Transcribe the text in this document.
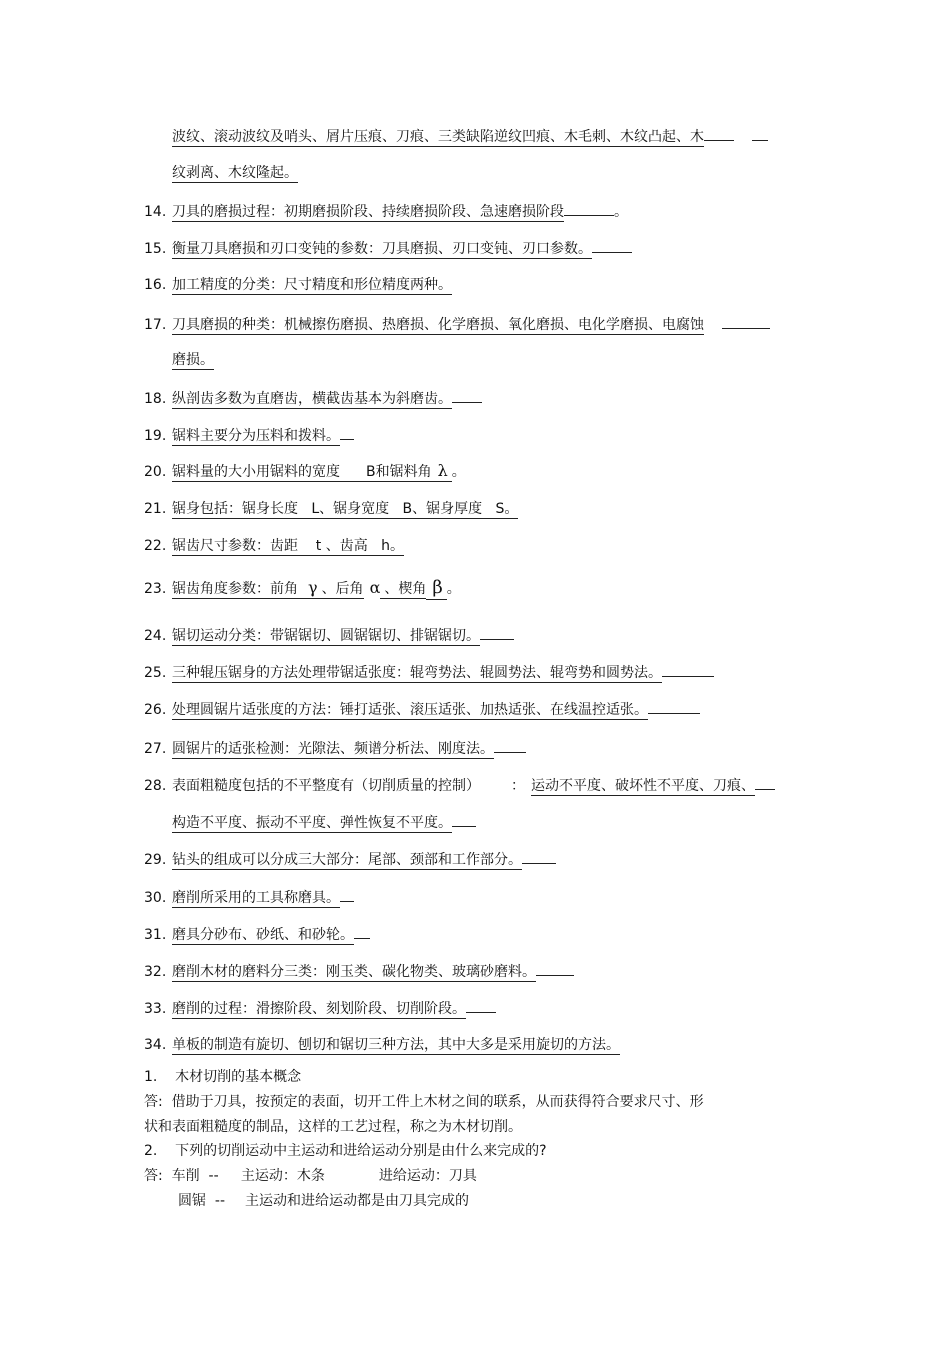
波纹、滚动波纹及哨头、屑片压痕、刀痕、三类缺陷逆纹凹痕、木毛刺、木纹凸起、木
纹剥离、木纹隆起。
14. 刀具的磨损过程：初期磨损阶段、持续磨损阶段、急速磨损阶段	。
15. 衡量刀具磨损和刃口变钝的参数：刀具磨损、刃口变钝、刃口参数。
16. 加工精度的分类：尺寸精度和形位精度两种。
17. 刀具磨损的种类：机械擦伤磨损、热磨损、化学磨损、氧化磨损、电化学磨损、电腐蚀
磨损。
18. 纵剖齿多数为直磨齿，横截齿基本为斜磨齿。
19. 锯料主要分为压料和拨料。
20. 锯料量的大小用锯料的宽度 B和锯料角 λ 。
21. 锯身包括：锯身长度   L、锯身宽度   B、锯身厚度   S。
22. 锯齿尺寸参数：齿距    t 、齿高   h。
23. 锯齿角度参数：前角 γ 、后角 α 、楔角 β 。
24. 锯切运动分类：带锯锯切、圆锯锯切、排锯锯切。
25. 三种辊压锯身的方法处理带锯适张度：辊弯势法、辊圆势法、辊弯势和圆势法。
26. 处理圆锯片适张度的方法：锤打适张、滚压适张、加热适张、在线温控适张。
27. 圆锯片的适张检测：光隙法、频谱分析法、刚度法。
28. 表面粗糙度包括的不平整度有（切削质量的控制）	： 运动不平度、破坏性不平度、刀痕、
构造不平度、振动不平度、弹性恢复不平度。
29. 钻头的组成可以分成三大部分：尾部、颈部和工作部分。
30. 磨削所采用的工具称磨具。
31. 磨具分砂布、砂纸、和砂轮。
32. 磨削木材的磨料分三类：刚玉类、碳化物类、玻璃砂磨料。
33. 磨削的过程：滑擦阶段、刻划阶段、切削阶段。
34. 单板的制造有旋切、刨切和锯切三种方法，其中大多是采用旋切的方法。
1.    木材切削的基本概念
答:  借助于刀具，按预定的表面，切开工件上木材之间的联系，从而获得符合要求尺寸、形
状和表面粗糙度的制品，这样的工艺过程，称之为木材切削。
2.    下列的切削运动中主运动和进给运动分别是由什么来完成的?
答:  车削  --     主运动：木条	进给运动：刀具
圆锯  -- 主运动和进给运动都是由刀具完成的
